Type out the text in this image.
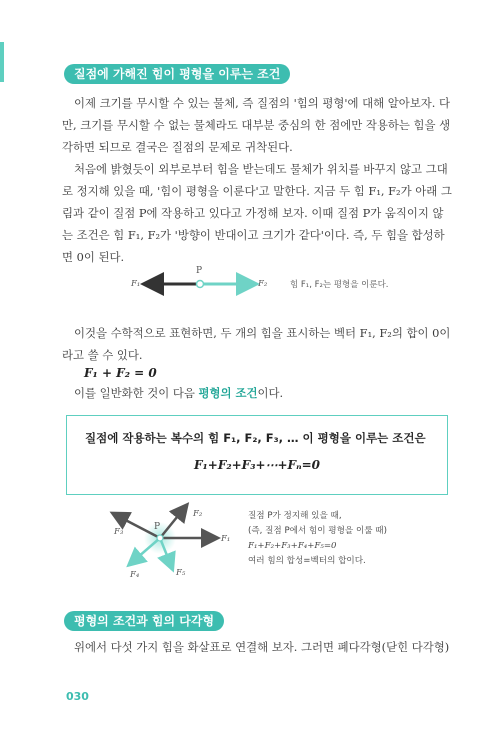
질점에 가해진 힘이 평형을 이루는 조건

이제 크기를 무시할 수 있는 물체, 즉 질점의 '힘의 평형'에 대해 알아보자. 다만, 크기를 무시할 수 없는 물체라도 대부분 중심의 한 점에만 작용하는 힘을 생각하면 되므로 결국은 질점의 문제로 귀착된다.

처음에 밝혔듯이 외부로부터 힘을 받는데도 물체가 위치를 바꾸지 않고 그대로 정지해 있을 때, '힘이 평형을 이룬다'고 말한다. 지금 두 힘 F₁, F₂가 아래 그림과 같이 질점 P에 작용하고 있다고 가정해 보자. 이때 질점 P가 움직이지 않는 조건은 힘 F₁, F₂가 '방향이 반대이고 크기가 같다'이다. 즉, 두 힘을 합성하면 0이 된다.

P
F₁	F₂	힘 F₁, F₂는 평형을 이룬다.

이것을 수학적으로 표현하면, 두 개의 힘을 표시하는 벡터 F₁, F₂의 합이 0이라고 쓸 수 있다.

F₁ + F₂ = 0

이를 일반화한 것이 다음 평형의 조건이다.

질점에 작용하는 복수의 힘 F₁, F₂, F₃, … 이 평형을 이루는 조건은
F₁+F₂+F₃+⋯+Fₙ=0
P
F₁
F₂
F₃
F₄	F₅
질점 P가 정지해 있을 때,
(즉, 질점 P에서 힘이 평형을 이룰 때)
F₁+F₂+F₃+F₄+F₅=0
여러 힘의 합성=벡터의 합이다.
평형의 조건과 힘의 다각형

위에서 다섯 가지 힘을 화살표로 연결해 보자. 그러면 폐다각형(닫힌 다각형)

030
